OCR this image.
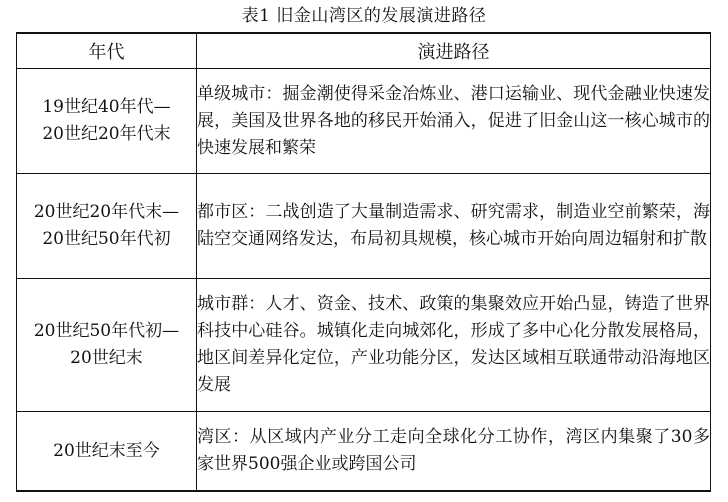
表1 旧金山湾区的发展演进路径
年代	演进路径

19世纪40年代—
20世纪20年代末	单级城市：掘金潮使得采金冶炼业、港口运输业、现代金融业快速发展，美国及世界各地的移民开始涌入，促进了旧金山这一核心城市的快速发展和繁荣

20世纪20年代末—
20世纪50年代初	都市区：二战创造了大量制造需求、研究需求，制造业空前繁荣，海陆空交通网络发达，布局初具规模，核心城市开始向周边辐射和扩散

20世纪50年代初—
20世纪末	城市群：人才、资金、技术、政策的集聚效应开始凸显，铸造了世界科技中心硅谷。城镇化走向城郊化，形成了多中心化分散发展格局，地区间差异化定位，产业功能分区，发达区域相互联通带动沿海地区发展

20世纪末至今	湾区：从区域内产业分工走向全球化分工协作，湾区内集聚了30多家世界500强企业或跨国公司
